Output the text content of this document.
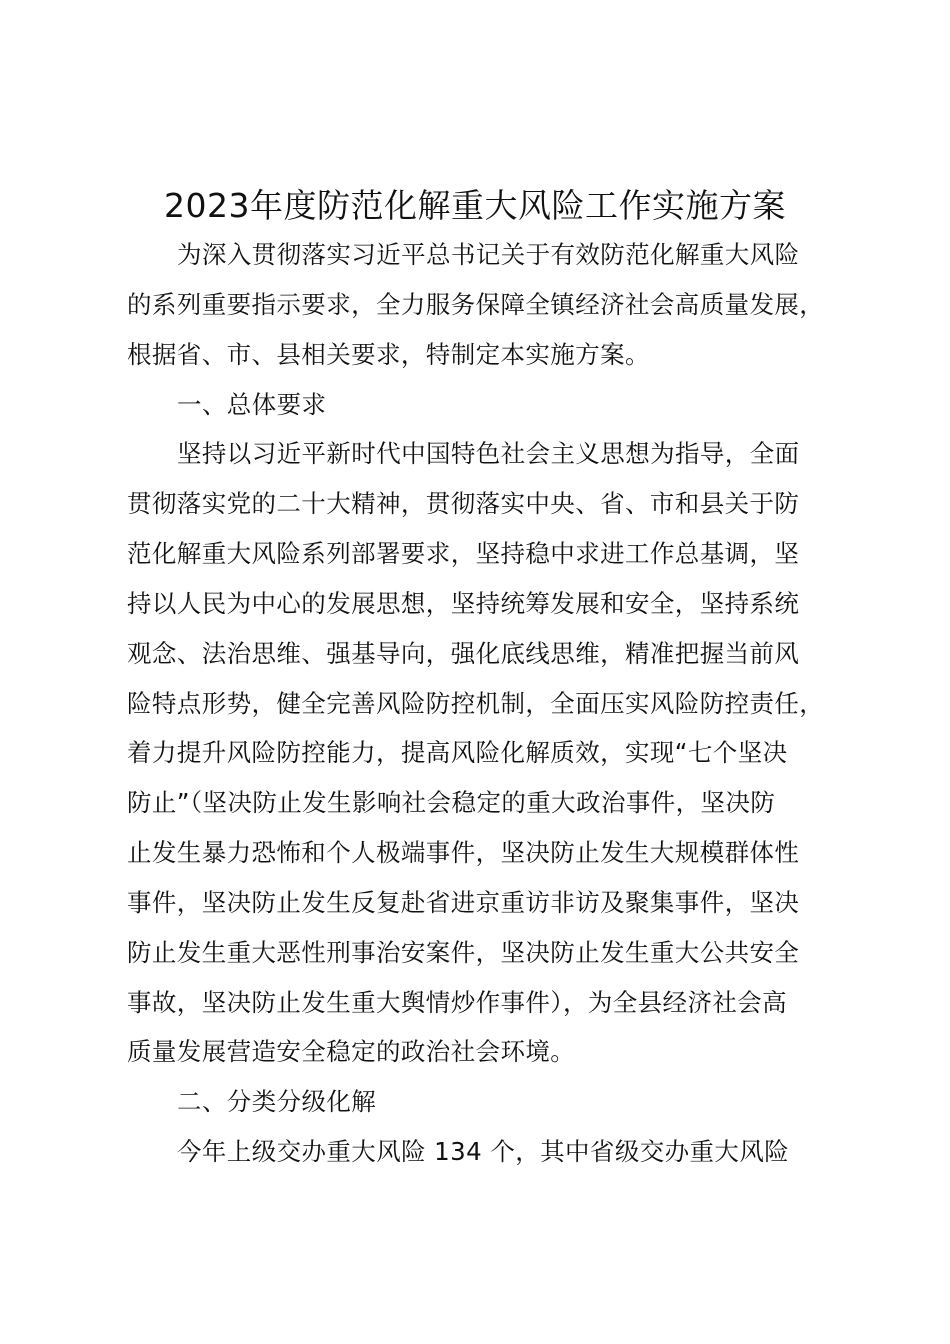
2023年度防范化解重大风险工作实施方案
为深入贯彻落实习近平总书记关于有效防范化解重大风险
的系列重要指示要求，全力服务保障全镇经济社会高质量发展，
根据省、市、县相关要求，特制定本实施方案。
一、总体要求
坚持以习近平新时代中国特色社会主义思想为指导，全面
贯彻落实党的二十大精神，贯彻落实中央、省、市和县关于防
范化解重大风险系列部署要求，坚持稳中求进工作总基调，坚
持以人民为中心的发展思想，坚持统筹发展和安全，坚持系统
观念、法治思维、强基导向，强化底线思维，精准把握当前风
险特点形势，健全完善风险防控机制，全面压实风险防控责任，
着力提升风险防控能力，提高风险化解质效，实现“七个坚决
防止”（坚决防止发生影响社会稳定的重大政治事件，坚决防
止发生暴力恐怖和个人极端事件，坚决防止发生大规模群体性
事件，坚决防止发生反复赴省进京重访非访及聚集事件，坚决
防止发生重大恶性刑事治安案件，坚决防止发生重大公共安全
事故，坚决防止发生重大舆情炒作事件），为全县经济社会高
质量发展营造安全稳定的政治社会环境。
二、分类分级化解
今年上级交办重大风险 134 个，其中省级交办重大风险
